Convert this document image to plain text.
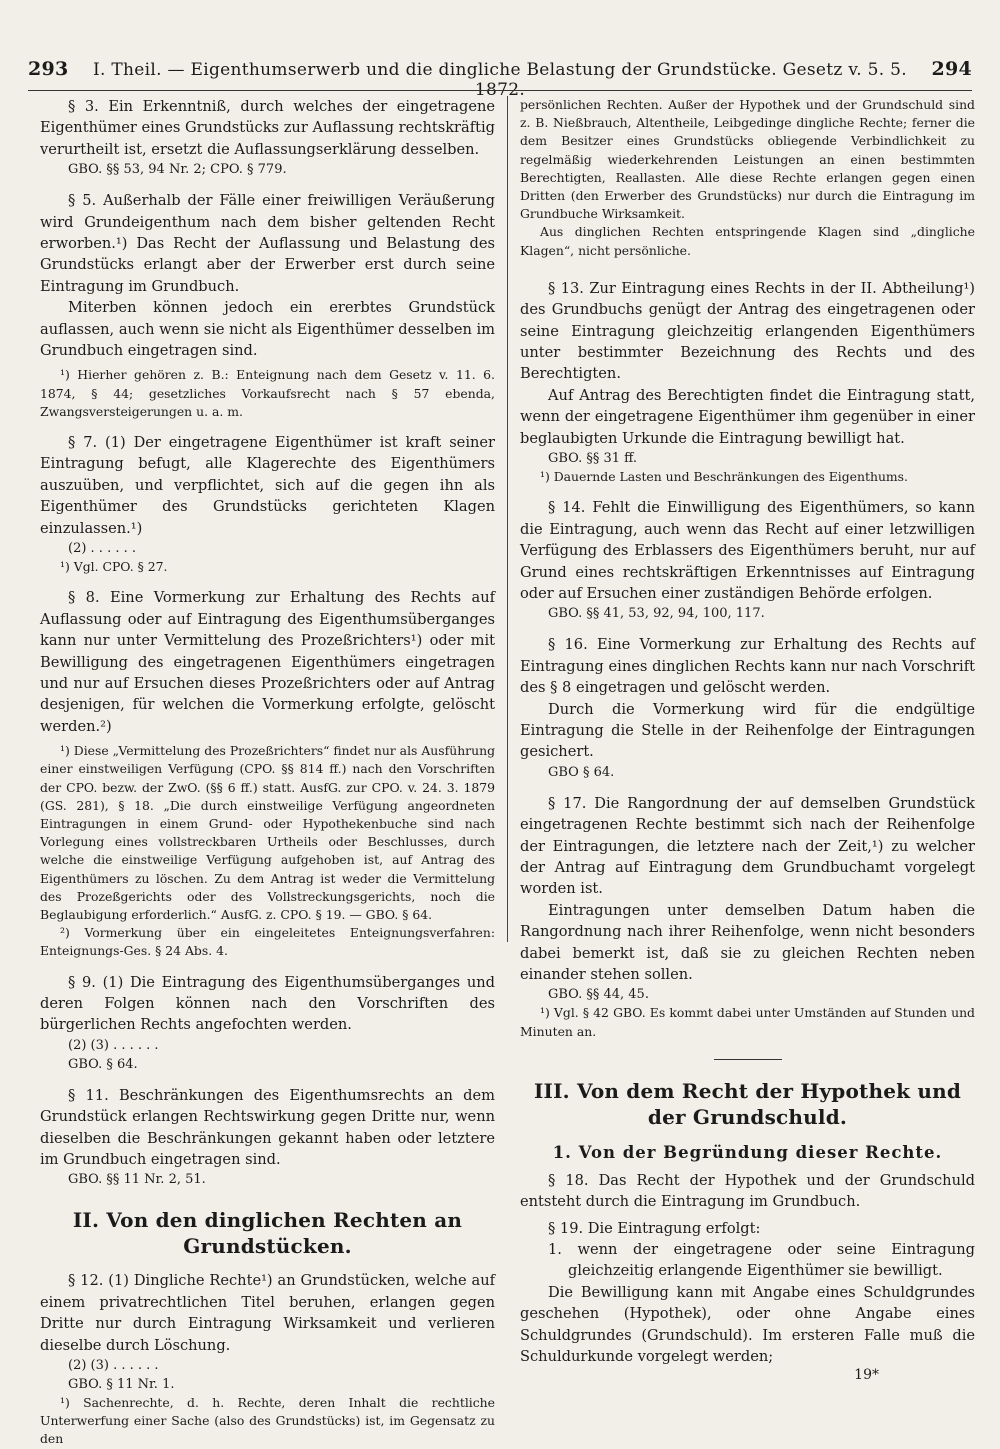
293	I. Theil. — Eigenthumserwerb und die dingliche Belastung der Grundstücke. Gesetz v. 5. 5. 1872.
294

§ 3. Ein Erkenntniß, durch welches der eingetragene Eigenthümer eines Grundstücks zur Auflassung rechtskräftig verurtheilt ist, ersetzt die Auflassungserklärung desselben.

GBO. §§ 53, 94 Nr. 2; CPO. § 779.

§ 5. Außerhalb der Fälle einer freiwilligen Veräußerung wird Grundeigenthum nach dem bisher geltenden Recht erworben.¹) Das Recht der Auflassung und Belastung des Grundstücks erlangt aber der Erwerber erst durch seine Eintragung im Grundbuch.

Miterben können jedoch ein ererbtes Grundstück auflassen, auch wenn sie nicht als Eigenthümer desselben im Grundbuch eingetragen sind.

¹) Hierher gehören z. B.: Enteignung nach dem Gesetz v. 11. 6. 1874, § 44; gesetzliches Vorkaufsrecht nach § 57 ebenda, Zwangsversteigerungen u. a. m.

§ 7. (1) Der eingetragene Eigenthümer ist kraft seiner Eintragung befugt, alle Klagerechte des Eigenthümers auszuüben, und verpflichtet, sich auf die gegen ihn als Eigenthümer des Grundstücks gerichteten Klagen einzulassen.¹)

(2) . . . . . .

¹) Vgl. CPO. § 27.

§ 8. Eine Vormerkung zur Erhaltung des Rechts auf Auflassung oder auf Eintragung des Eigenthumsüberganges kann nur unter Vermittelung des Prozeßrichters¹) oder mit Bewilligung des eingetragenen Eigenthümers eingetragen und nur auf Ersuchen dieses Prozeßrichters oder auf Antrag desjenigen, für welchen die Vormerkung erfolgte, gelöscht werden.²)

¹) Diese „Vermittelung des Prozeßrichters“ findet nur als Ausführung einer einstweiligen Verfügung (CPO. §§ 814 ff.) nach den Vorschriften der CPO. bezw. der ZwO. (§§ 6 ff.) statt. AusfG. zur CPO. v. 24. 3. 1879 (GS. 281), § 18. „Die durch einstweilige Verfügung angeordneten Eintragungen in einem Grund- oder Hypothekenbuche sind nach Vorlegung eines vollstreckbaren Urtheils oder Beschlusses, durch welche die einstweilige Verfügung aufgehoben ist, auf Antrag des Eigenthümers zu löschen. Zu dem Antrag ist weder die Vermittelung des Prozeßgerichts oder des Vollstreckungsgerichts, noch die Beglaubigung erforderlich.“ AusfG. z. CPO. § 19. — GBO. § 64.

²) Vormerkung über ein eingeleitetes Enteignungsverfahren: Enteignungs-Ges. § 24 Abs. 4.

§ 9. (1) Die Eintragung des Eigenthumsüberganges und deren Folgen können nach den Vorschriften des bürgerlichen Rechts angefochten werden.

(2) (3) . . . . . .

GBO. § 64.

§ 11. Beschränkungen des Eigenthumsrechts an dem Grundstück erlangen Rechtswirkung gegen Dritte nur, wenn dieselben die Beschränkungen gekannt haben oder letztere im Grundbuch eingetragen sind.

GBO. §§ 11 Nr. 2, 51.

II. Von den dinglichen Rechten an Grundstücken.

§ 12. (1) Dingliche Rechte¹) an Grundstücken, welche auf einem privatrechtlichen Titel beruhen, erlangen gegen Dritte nur durch Eintragung Wirksamkeit und verlieren dieselbe durch Löschung.

(2) (3) . . . . . .

GBO. § 11 Nr. 1.

¹) Sachenrechte, d. h. Rechte, deren Inhalt die rechtliche Unterwerfung einer Sache (also des Grundstücks) ist, im Gegensatz zu den

persönlichen Rechten. Außer der Hypothek und der Grundschuld sind z. B. Nießbrauch, Altentheile, Leibgedinge dingliche Rechte; ferner die dem Besitzer eines Grundstücks obliegende Verbindlichkeit zu regelmäßig wiederkehrenden Leistungen an einen bestimmten Berechtigten, Reallasten. Alle diese Rechte erlangen gegen einen Dritten (den Erwerber des Grundstücks) nur durch die Eintragung im Grundbuche Wirksamkeit.

Aus dinglichen Rechten entspringende Klagen sind „dingliche Klagen“, nicht persönliche.

§ 13. Zur Eintragung eines Rechts in der II. Abtheilung¹) des Grundbuchs genügt der Antrag des eingetragenen oder seine Eintragung gleichzeitig erlangenden Eigenthümers unter bestimmter Bezeichnung des Rechts und des Berechtigten.

Auf Antrag des Berechtigten findet die Eintragung statt, wenn der eingetragene Eigenthümer ihm gegenüber in einer beglaubigten Urkunde die Eintragung bewilligt hat.

GBO. §§ 31 ff.

¹) Dauernde Lasten und Beschränkungen des Eigenthums.

§ 14. Fehlt die Einwilligung des Eigenthümers, so kann die Eintragung, auch wenn das Recht auf einer letzwilligen Verfügung des Erblassers des Eigenthümers beruht, nur auf Grund eines rechtskräftigen Erkenntnisses auf Eintragung oder auf Ersuchen einer zuständigen Behörde erfolgen.

GBO. §§ 41, 53, 92, 94, 100, 117.

§ 16. Eine Vormerkung zur Erhaltung des Rechts auf Eintragung eines dinglichen Rechts kann nur nach Vorschrift des § 8 eingetragen und gelöscht werden.

Durch die Vormerkung wird für die endgültige Eintragung die Stelle in der Reihenfolge der Eintragungen gesichert.

GBO § 64.

§ 17. Die Rangordnung der auf demselben Grundstück eingetragenen Rechte bestimmt sich nach der Reihenfolge der Eintragungen, die letztere nach der Zeit,¹) zu welcher der Antrag auf Eintragung dem Grundbuchamt vorgelegt worden ist.

Eintragungen unter demselben Datum haben die Rangordnung nach ihrer Reihenfolge, wenn nicht besonders dabei bemerkt ist, daß sie zu gleichen Rechten neben einander stehen sollen.

GBO. §§ 44, 45.

¹) Vgl. § 42 GBO. Es kommt dabei unter Umständen auf Stunden und Minuten an.

III. Von dem Recht der Hypothek und der Grundschuld.
1. Von der Begründung dieser Rechte.

§ 18. Das Recht der Hypothek und der Grundschuld entsteht durch die Eintragung im Grundbuch.

§ 19. Die Eintragung erfolgt:

1. wenn der eingetragene oder seine Eintragung gleichzeitig erlangende Eigenthümer sie bewilligt.

Die Bewilligung kann mit Angabe eines Schuldgrundes geschehen (Hypothek), oder ohne Angabe eines Schuldgrundes (Grundschuld). Im ersteren Falle muß die Schuldurkunde vorgelegt werden;

19*
